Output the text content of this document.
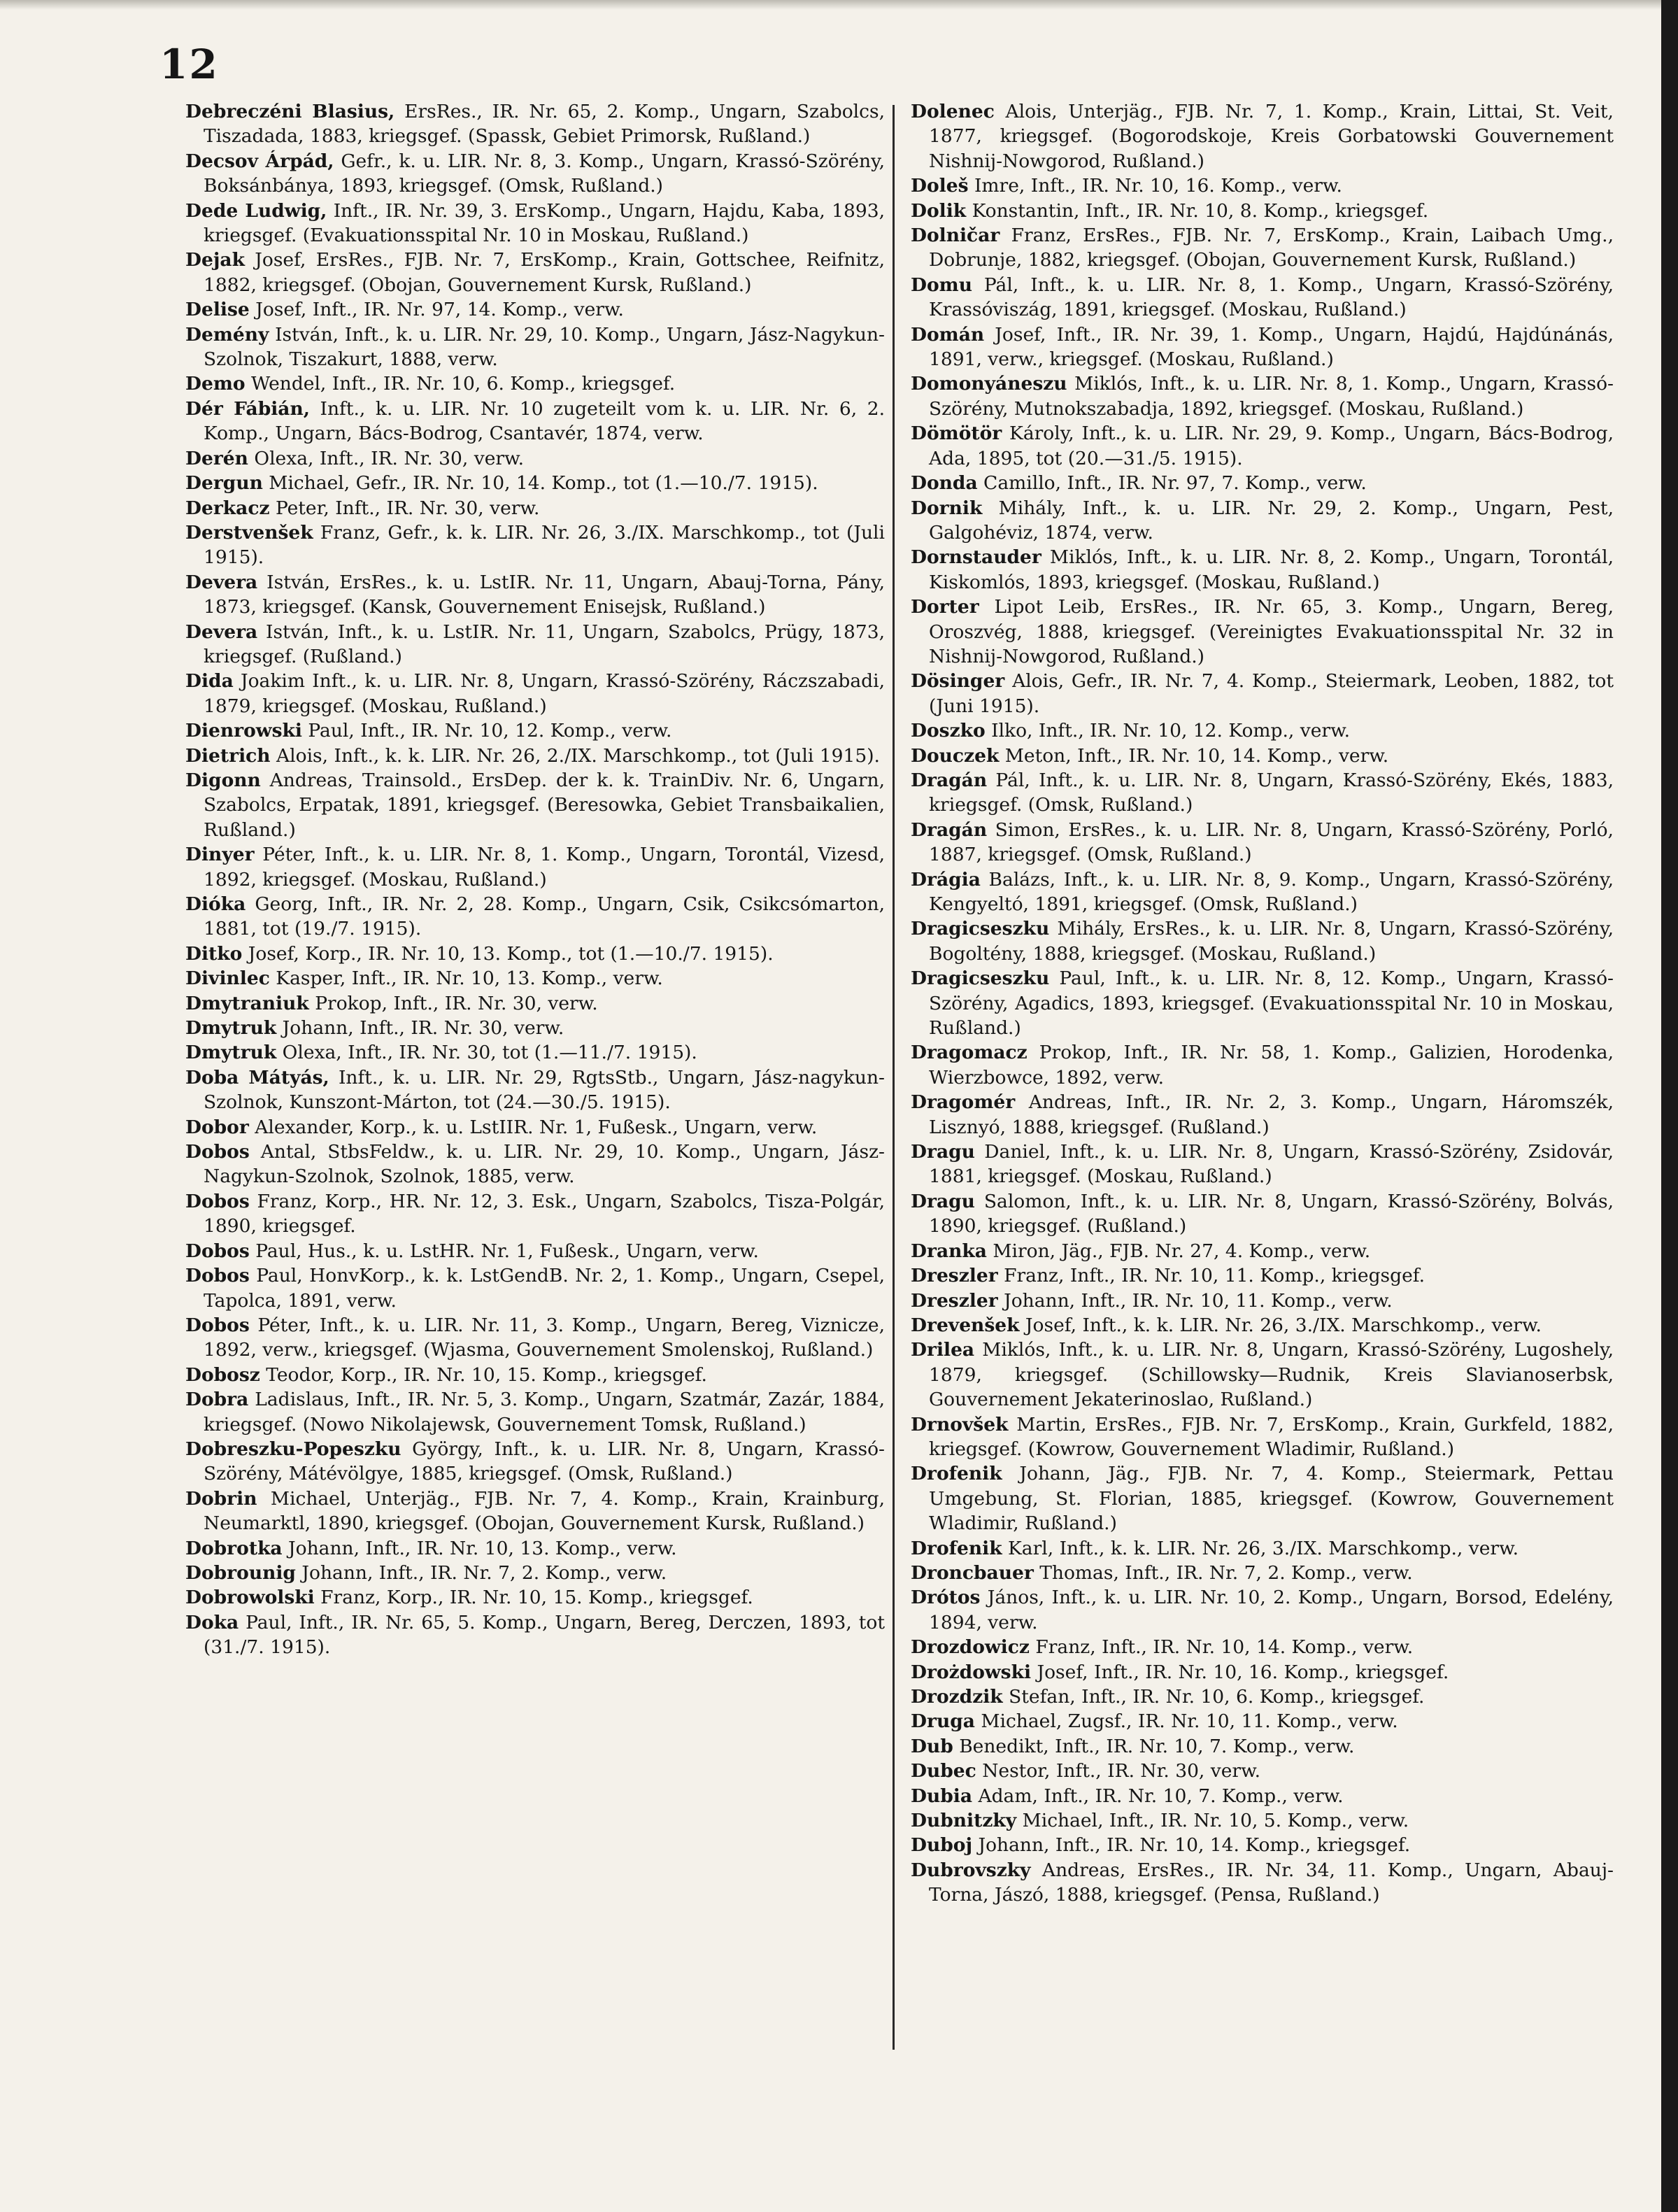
12

Debreczéni Blasius, ErsRes., IR. Nr. 65, 2. Komp., Ungarn, Szabolcs, Tiszadada, 1883, kriegsgef. (Spassk, Gebiet Primorsk, Rußland.)

Decsov Árpád, Gefr., k. u. LIR. Nr. 8, 3. Komp., Ungarn, Krassó-Szörény, Boksánbánya, 1893, kriegsgef. (Omsk, Rußland.)

Dede Ludwig, Inft., IR. Nr. 39, 3. ErsKomp., Ungarn, Hajdu, Kaba, 1893, kriegsgef. (Evakuationsspital Nr. 10 in Moskau, Rußland.)

Dejak Josef, ErsRes., FJB. Nr. 7, ErsKomp., Krain, Gottschee, Reifnitz, 1882, kriegsgef. (Obojan, Gouvernement Kursk, Rußland.)

Delise Josef, Inft., IR. Nr. 97, 14. Komp., verw.

Demény István, Inft., k. u. LIR. Nr. 29, 10. Komp., Ungarn, Jász-Nagykun-Szolnok, Tiszakurt, 1888, verw.

Demo Wendel, Inft., IR. Nr. 10, 6. Komp., kriegsgef.

Dér Fábián, Inft., k. u. LIR. Nr. 10 zugeteilt vom k. u. LIR. Nr. 6, 2. Komp., Ungarn, Bács-Bodrog, Csantavér, 1874, verw.

Derén Olexa, Inft., IR. Nr. 30, verw.

Dergun Michael, Gefr., IR. Nr. 10, 14. Komp., tot (1.—10./7. 1915).

Derkacz Peter, Inft., IR. Nr. 30, verw.

Derstvenšek Franz, Gefr., k. k. LIR. Nr. 26, 3./IX. Marschkomp., tot (Juli 1915).

Devera István, ErsRes., k. u. LstIR. Nr. 11, Ungarn, Abauj-Torna, Pány, 1873, kriegsgef. (Kansk, Gouvernement Enisejsk, Rußland.)

Devera István, Inft., k. u. LstIR. Nr. 11, Ungarn, Szabolcs, Prügy, 1873, kriegsgef. (Rußland.)

Dida Joakim Inft., k. u. LIR. Nr. 8, Ungarn, Krassó-Szörény, Ráczszabadi, 1879, kriegsgef. (Moskau, Rußland.)

Dienrowski Paul, Inft., IR. Nr. 10, 12. Komp., verw.

Dietrich Alois, Inft., k. k. LIR. Nr. 26, 2./IX. Marschkomp., tot (Juli 1915).

Digonn Andreas, Trainsold., ErsDep. der k. k. TrainDiv. Nr. 6, Ungarn, Szabolcs, Erpatak, 1891, kriegsgef. (Beresowka, Gebiet Transbaikalien, Rußland.)

Dinyer Péter, Inft., k. u. LIR. Nr. 8, 1. Komp., Ungarn, Torontál, Vizesd, 1892, kriegsgef. (Moskau, Rußland.)

Dióka Georg, Inft., IR. Nr. 2, 28. Komp., Ungarn, Csik, Csikcsómarton, 1881, tot (19./7. 1915).

Ditko Josef, Korp., IR. Nr. 10, 13. Komp., tot (1.—10./7. 1915).

Divinlec Kasper, Inft., IR. Nr. 10, 13. Komp., verw.

Dmytraniuk Prokop, Inft., IR. Nr. 30, verw.

Dmytruk Johann, Inft., IR. Nr. 30, verw.

Dmytruk Olexa, Inft., IR. Nr. 30, tot (1.—11./7. 1915).

Doba Mátyás, Inft., k. u. LIR. Nr. 29, RgtsStb., Ungarn, Jász-nagykun-Szolnok, Kunszont-Márton, tot (24.—30./5. 1915).

Dobor Alexander, Korp., k. u. LstIIR. Nr. 1, Fußesk., Ungarn, verw.

Dobos Antal, StbsFeldw., k. u. LIR. Nr. 29, 10. Komp., Ungarn, Jász-Nagykun-Szolnok, Szolnok, 1885, verw.

Dobos Franz, Korp., HR. Nr. 12, 3. Esk., Ungarn, Szabolcs, Tisza-Polgár, 1890, kriegsgef.

Dobos Paul, Hus., k. u. LstHR. Nr. 1, Fußesk., Ungarn, verw.

Dobos Paul, HonvKorp., k. k. LstGendB. Nr. 2, 1. Komp., Ungarn, Csepel, Tapolca, 1891, verw.

Dobos Péter, Inft., k. u. LIR. Nr. 11, 3. Komp., Ungarn, Bereg, Viznicze, 1892, verw., kriegsgef. (Wjasma, Gouvernement Smolenskoj, Rußland.)

Dobosz Teodor, Korp., IR. Nr. 10, 15. Komp., kriegsgef.

Dobra Ladislaus, Inft., IR. Nr. 5, 3. Komp., Ungarn, Szatmár, Zazár, 1884, kriegsgef. (Nowo Nikolajewsk, Gouvernement Tomsk, Rußland.)

Dobreszku-Popeszku György, Inft., k. u. LIR. Nr. 8, Ungarn, Krassó-Szörény, Mátévölgye, 1885, kriegsgef. (Omsk, Rußland.)

Dobrin Michael, Unterjäg., FJB. Nr. 7, 4. Komp., Krain, Krainburg, Neumarktl, 1890, kriegsgef. (Obojan, Gouvernement Kursk, Rußland.)

Dobrotka Johann, Inft., IR. Nr. 10, 13. Komp., verw.

Dobrounig Johann, Inft., IR. Nr. 7, 2. Komp., verw.

Dobrowolski Franz, Korp., IR. Nr. 10, 15. Komp., kriegsgef.

Doka Paul, Inft., IR. Nr. 65, 5. Komp., Ungarn, Bereg, Derczen, 1893, tot (31./7. 1915).

Dolenec Alois, Unterjäg., FJB. Nr. 7, 1. Komp., Krain, Littai, St. Veit, 1877, kriegsgef. (Bogorodskoje, Kreis Gorbatowski Gouvernement Nishnij-Nowgorod, Rußland.)

Doleš Imre, Inft., IR. Nr. 10, 16. Komp., verw.

Dolik Konstantin, Inft., IR. Nr. 10, 8. Komp., kriegsgef.

Dolničar Franz, ErsRes., FJB. Nr. 7, ErsKomp., Krain, Laibach Umg., Dobrunje, 1882, kriegsgef. (Obojan, Gouvernement Kursk, Rußland.)

Domu Pál, Inft., k. u. LIR. Nr. 8, 1. Komp., Ungarn, Krassó-Szörény, Krassóviszág, 1891, kriegsgef. (Moskau, Rußland.)

Domán Josef, Inft., IR. Nr. 39, 1. Komp., Ungarn, Hajdú, Hajdúnánás, 1891, verw., kriegsgef. (Moskau, Rußland.)

Domonyáneszu Miklós, Inft., k. u. LIR. Nr. 8, 1. Komp., Ungarn, Krassó-Szörény, Mutnokszabadja, 1892, kriegsgef. (Moskau, Rußland.)

Dömötör Károly, Inft., k. u. LIR. Nr. 29, 9. Komp., Ungarn, Bács-Bodrog, Ada, 1895, tot (20.—31./5. 1915).

Donda Camillo, Inft., IR. Nr. 97, 7. Komp., verw.

Dornik Mihály, Inft., k. u. LIR. Nr. 29, 2. Komp., Ungarn, Pest, Galgohéviz, 1874, verw.

Dornstauder Miklós, Inft., k. u. LIR. Nr. 8, 2. Komp., Ungarn, Torontál, Kiskomlós, 1893, kriegsgef. (Moskau, Rußland.)

Dorter Lipot Leib, ErsRes., IR. Nr. 65, 3. Komp., Ungarn, Bereg, Oroszvég, 1888, kriegsgef. (Vereinigtes Evakuationsspital Nr. 32 in Nishnij-Nowgorod, Rußland.)

Dösinger Alois, Gefr., IR. Nr. 7, 4. Komp., Steiermark, Leoben, 1882, tot (Juni 1915).

Doszko Ilko, Inft., IR. Nr. 10, 12. Komp., verw.

Douczek Meton, Inft., IR. Nr. 10, 14. Komp., verw.

Dragán Pál, Inft., k. u. LIR. Nr. 8, Ungarn, Krassó-Szörény, Ekés, 1883, kriegsgef. (Omsk, Rußland.)

Dragán Simon, ErsRes., k. u. LIR. Nr. 8, Ungarn, Krassó-Szörény, Porló, 1887, kriegsgef. (Omsk, Rußland.)

Drágia Balázs, Inft., k. u. LIR. Nr. 8, 9. Komp., Ungarn, Krassó-Szörény, Kengyeltó, 1891, kriegsgef. (Omsk, Rußland.)

Dragicseszku Mihály, ErsRes., k. u. LIR. Nr. 8, Ungarn, Krassó-Szörény, Bogoltény, 1888, kriegsgef. (Moskau, Rußland.)

Dragicseszku Paul, Inft., k. u. LIR. Nr. 8, 12. Komp., Ungarn, Krassó-Szörény, Agadics, 1893, kriegsgef. (Evakuationsspital Nr. 10 in Moskau, Rußland.)

Dragomacz Prokop, Inft., IR. Nr. 58, 1. Komp., Galizien, Horodenka, Wierzbowce, 1892, verw.

Dragomér Andreas, Inft., IR. Nr. 2, 3. Komp., Ungarn, Háromszék, Lisznyó, 1888, kriegsgef. (Rußland.)

Dragu Daniel, Inft., k. u. LIR. Nr. 8, Ungarn, Krassó-Szörény, Zsidovár, 1881, kriegsgef. (Moskau, Rußland.)

Dragu Salomon, Inft., k. u. LIR. Nr. 8, Ungarn, Krassó-Szörény, Bolvás, 1890, kriegsgef. (Rußland.)

Dranka Miron, Jäg., FJB. Nr. 27, 4. Komp., verw.

Dreszler Franz, Inft., IR. Nr. 10, 11. Komp., kriegsgef.

Dreszler Johann, Inft., IR. Nr. 10, 11. Komp., verw.

Drevenšek Josef, Inft., k. k. LIR. Nr. 26, 3./IX. Marschkomp., verw.

Drilea Miklós, Inft., k. u. LIR. Nr. 8, Ungarn, Krassó-Szörény, Lugoshely, 1879, kriegsgef. (Schillowsky—Rudnik, Kreis Slavianoserbsk, Gouvernement Jekaterinoslao, Rußland.)

Drnovšek Martin, ErsRes., FJB. Nr. 7, ErsKomp., Krain, Gurkfeld, 1882, kriegsgef. (Kowrow, Gouvernement Wladimir, Rußland.)

Drofenik Johann, Jäg., FJB. Nr. 7, 4. Komp., Steiermark, Pettau Umgebung, St. Florian, 1885, kriegsgef. (Kowrow, Gouvernement Wladimir, Rußland.)

Drofenik Karl, Inft., k. k. LIR. Nr. 26, 3./IX. Marschkomp., verw.

Droncbauer Thomas, Inft., IR. Nr. 7, 2. Komp., verw.

Drótos János, Inft., k. u. LIR. Nr. 10, 2. Komp., Ungarn, Borsod, Edelény, 1894, verw.

Drozdowicz Franz, Inft., IR. Nr. 10, 14. Komp., verw.

Drożdowski Josef, Inft., IR. Nr. 10, 16. Komp., kriegsgef.

Drozdzik Stefan, Inft., IR. Nr. 10, 6. Komp., kriegsgef.

Druga Michael, Zugsf., IR. Nr. 10, 11. Komp., verw.

Dub Benedikt, Inft., IR. Nr. 10, 7. Komp., verw.

Dubec Nestor, Inft., IR. Nr. 30, verw.

Dubia Adam, Inft., IR. Nr. 10, 7. Komp., verw.

Dubnitzky Michael, Inft., IR. Nr. 10, 5. Komp., verw.

Duboj Johann, Inft., IR. Nr. 10, 14. Komp., kriegsgef.

Dubrovszky Andreas, ErsRes., IR. Nr. 34, 11. Komp., Ungarn, Abauj-Torna, Jászó, 1888, kriegsgef. (Pensa, Rußland.)
